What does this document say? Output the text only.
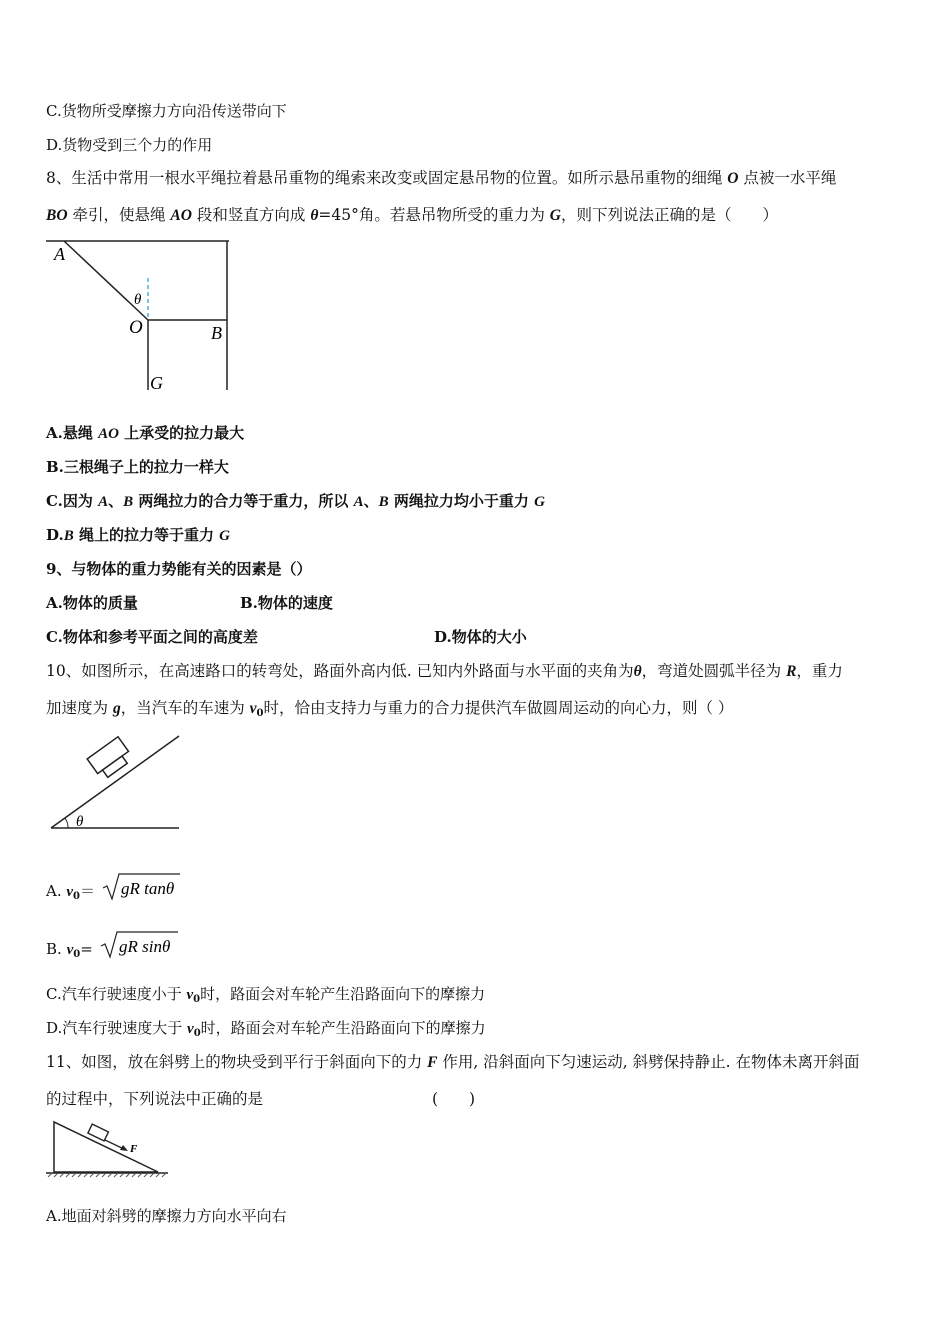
C.货物所受摩擦力方向沿传送带向下
D.货物受到三个力的作用
8、生活中常用一根水平绳拉着悬吊重物的绳索来改变或固定悬吊物的位置。如所示悬吊重物的细绳 O 点被一水平绳
BO 牵引，使悬绳 AO 段和竖直方向成 θ=45°角。若悬吊物所受的重力为 G，则下列说法正确的是（　　）
A
θ
O	B
G
A.悬绳 AO 上承受的拉力最大
B.三根绳子上的拉力一样大
C.因为 A、B 两绳拉力的合力等于重力，所以 A、B 两绳拉力均小于重力 G
D.B 绳上的拉力等于重力 G
9、与物体的重力势能有关的因素是（）
A.物体的质量	B.物体的速度
C.物体和参考平面之间的高度差	D.物体的大小
10、如图所示，在高速路口的转弯处，路面外高内低. 已知内外路面与水平面的夹角为θ，弯道处圆弧半径为 R，重力
加速度为 g，当汽车的车速为 $v_0$时，恰由支持力与重力的合力提供汽车做圆周运动的向心力，则（ ）
θ
A. $v_0=$ gR tanθ
B. $v_0=$ gR sinθ
C.汽车行驶速度小于 $v_0$时，路面会对车轮产生沿路面向下的摩擦力
D.汽车行驶速度大于 $v_0$时，路面会对车轮产生沿路面向下的摩擦力
11、如图，放在斜劈上的物块受到平行于斜面向下的力 F 作用, 沿斜面向下匀速运动, 斜劈保持静止. 在物体未离开斜面
的过程中，下列说法中正确的是	(　　)
F
A.地面对斜劈的摩擦力方向水平向右
